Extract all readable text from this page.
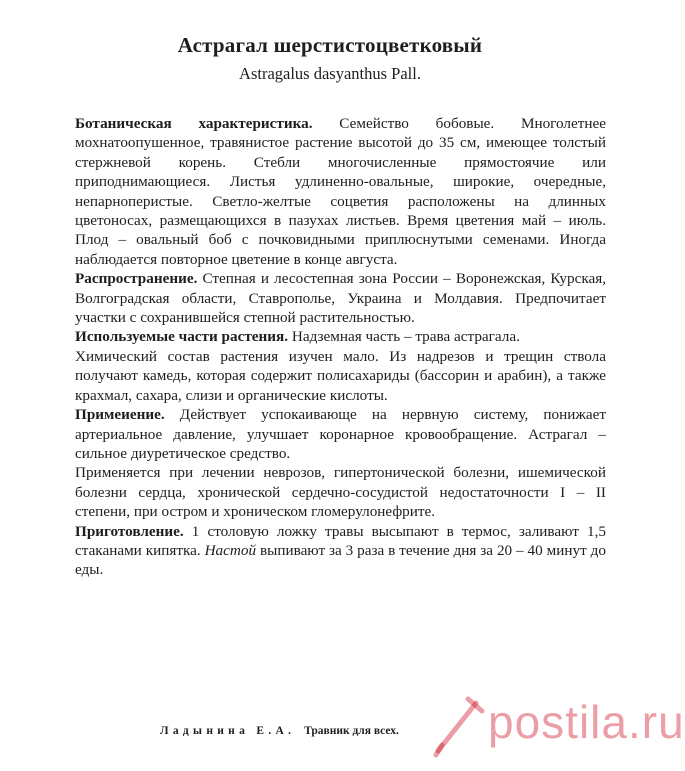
Астрагал шерстистоцветковый

Astragalus dasyanthus Pall.

Ботаническая характеристика. Семейство бобовые. Многолетнее мохнатоопушенное, травянистое растение высотой до 35 см, имеющее толстый стержневой корень. Стебли многочисленные прямостоячие или приподнимающиеся. Листья удлиненно-овальные, широкие, очередные, непарноперистые. Светло-желтые соцветия расположены на длинных цветоносах, размещающихся в пазухах листьев. Время цветения май – июль. Плод – овальный боб с почковидными приплюснутыми семенами. Иногда наблюдается повторное цветение в конце августа.

Распространение. Степная и лесостепная зона России – Воронежская, Курская, Волгоградская области, Ставрополье, Украина и Молдавия. Предпочитает участки с сохранившейся степной растительностью.

Используемые части растения. Надземная часть – трава астрагала.

Химический состав растения изучен мало. Из надрезов и трещин ствола получают камедь, которая содержит полисахариды (бассорин и арабин), а также крахмал, сахара, слизи и органические кислоты.

Примеиение. Действует успокаивающе на нервную систему, понижает артериальное давление, улучшает коронарное кровообращение. Астрагал – сильное диуретическое средство.

Применяется при лечении неврозов, гипертонической болезни, ишемической болезни сердца, хронической сердечно-сосудистой недостаточности I – II степени, при остром и хроническом гломерулонефрите.

Приготовление. 1 столовую ложку травы высыпают в термос, заливают 1,5 стаканами кипятка. Настой выпивают за 3 раза в течение дня за 20 – 40 минут до еды.

Ладынина Е.А. Травник для всех. postila.ru
